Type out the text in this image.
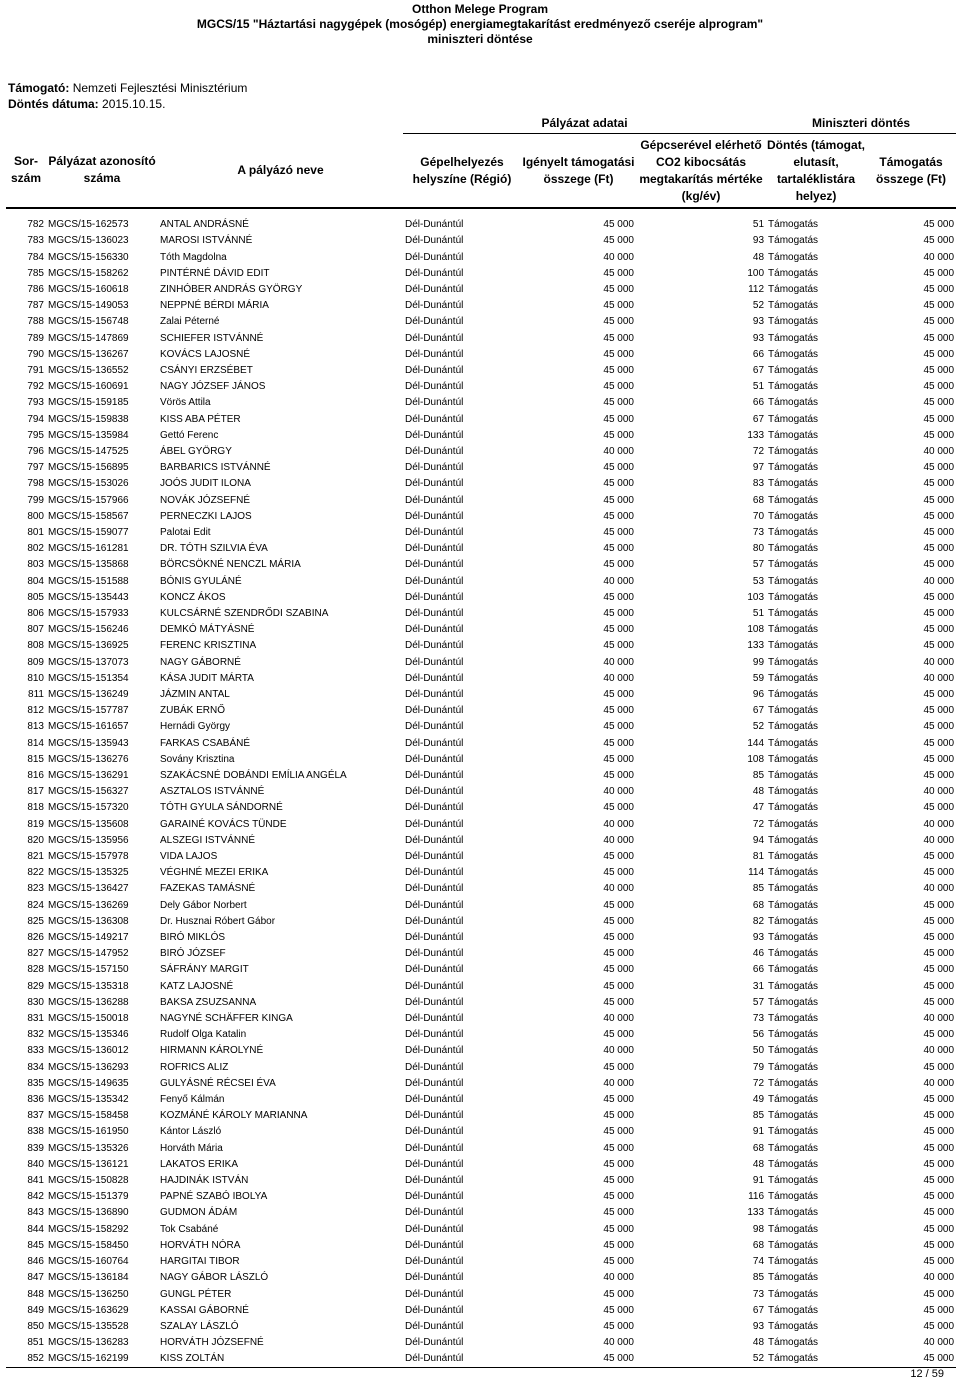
Otthon Melege Program
MGCS/15 "Háztartási nagygépek (mosógép) energiamegtakarítást eredményező cseréje alprogram"
miniszteri döntése
Támogató: Nemzeti Fejlesztési Minisztérium
Döntés dátuma: 2015.10.15.
			Pályázat adatai			Miniszteri döntés	
Sor-szám	Pályázat azonosító száma	A pályázó neve	Gépelhelyezés helyszíne (Régió)	Igényelt támogatási összege (Ft)	Gépcserével elérhető CO2 kibocsátás megtakarítás mértéke (kg/év)	Döntés (támogat, elutasít, tartaléklistára helyez)	Támogatás összege (Ft)

782	MGCS/15-162573	ANTAL ANDRÁSNÉ	Dél-Dunántúl	45 000	51	Támogatás	45 000
783	MGCS/15-136023	MAROSI ISTVÁNNÉ	Dél-Dunántúl	45 000	93	Támogatás	45 000
784	MGCS/15-156330	Tóth Magdolna	Dél-Dunántúl	40 000	48	Támogatás	40 000
785	MGCS/15-158262	PINTÉRNÉ DÁVID EDIT	Dél-Dunántúl	45 000	100	Támogatás	45 000
786	MGCS/15-160618	ZINHÓBER ANDRÁS GYÖRGY	Dél-Dunántúl	45 000	112	Támogatás	45 000
787	MGCS/15-149053	NEPPNÉ BÉRDI MÁRIA	Dél-Dunántúl	45 000	52	Támogatás	45 000
788	MGCS/15-156748	Zalai Péterné	Dél-Dunántúl	45 000	93	Támogatás	45 000
789	MGCS/15-147869	SCHIEFER ISTVÁNNÉ	Dél-Dunántúl	45 000	93	Támogatás	45 000
790	MGCS/15-136267	KOVÁCS LAJOSNÉ	Dél-Dunántúl	45 000	66	Támogatás	45 000
791	MGCS/15-136552	CSÁNYI ERZSÉBET	Dél-Dunántúl	45 000	67	Támogatás	45 000
792	MGCS/15-160691	NAGY JÓZSEF JÁNOS	Dél-Dunántúl	45 000	51	Támogatás	45 000
793	MGCS/15-159185	Vörös Attila	Dél-Dunántúl	45 000	66	Támogatás	45 000
794	MGCS/15-159838	KISS ABA PÉTER	Dél-Dunántúl	45 000	67	Támogatás	45 000
795	MGCS/15-135984	Gettó Ferenc	Dél-Dunántúl	45 000	133	Támogatás	45 000
796	MGCS/15-147525	ÁBEL GYÖRGY	Dél-Dunántúl	40 000	72	Támogatás	40 000
797	MGCS/15-156895	BARBARICS ISTVÁNNÉ	Dél-Dunántúl	45 000	97	Támogatás	45 000
798	MGCS/15-153026	JOÓS JUDIT ILONA	Dél-Dunántúl	45 000	83	Támogatás	45 000
799	MGCS/15-157966	NOVÁK JÓZSEFNÉ	Dél-Dunántúl	45 000	68	Támogatás	45 000
800	MGCS/15-158567	PERNECZKI LAJOS	Dél-Dunántúl	45 000	70	Támogatás	45 000
801	MGCS/15-159077	Palotai Edit	Dél-Dunántúl	45 000	73	Támogatás	45 000
802	MGCS/15-161281	DR. TÓTH SZILVIA ÉVA	Dél-Dunántúl	45 000	80	Támogatás	45 000
803	MGCS/15-135868	BÖRCSÖKNÉ NENCZL MÁRIA	Dél-Dunántúl	45 000	57	Támogatás	45 000
804	MGCS/15-151588	BÓNIS GYULÁNÉ	Dél-Dunántúl	40 000	53	Támogatás	40 000
805	MGCS/15-135443	KONCZ ÁKOS	Dél-Dunántúl	45 000	103	Támogatás	45 000
806	MGCS/15-157933	KULCSÁRNÉ SZENDRŐDI SZABINA	Dél-Dunántúl	45 000	51	Támogatás	45 000
807	MGCS/15-156246	DEMKÓ MÁTYÁSNÉ	Dél-Dunántúl	45 000	108	Támogatás	45 000
808	MGCS/15-136925	FERENC KRISZTINA	Dél-Dunántúl	45 000	133	Támogatás	45 000
809	MGCS/15-137073	NAGY GÁBORNÉ	Dél-Dunántúl	40 000	99	Támogatás	40 000
810	MGCS/15-151354	KÁSA JUDIT MÁRTA	Dél-Dunántúl	40 000	59	Támogatás	40 000
811	MGCS/15-136249	JÁZMIN ANTAL	Dél-Dunántúl	45 000	96	Támogatás	45 000
812	MGCS/15-157787	ZUBÁK ERNŐ	Dél-Dunántúl	45 000	67	Támogatás	45 000
813	MGCS/15-161657	Hernádi György	Dél-Dunántúl	45 000	52	Támogatás	45 000
814	MGCS/15-135943	FARKAS CSABÁNÉ	Dél-Dunántúl	45 000	144	Támogatás	45 000
815	MGCS/15-136276	Sovány Krisztina	Dél-Dunántúl	45 000	108	Támogatás	45 000
816	MGCS/15-136291	SZAKÁCSNÉ DOBÁNDI EMÍLIA ANGÉLA	Dél-Dunántúl	45 000	85	Támogatás	45 000
817	MGCS/15-156327	ASZTALOS ISTVÁNNÉ	Dél-Dunántúl	40 000	48	Támogatás	40 000
818	MGCS/15-157320	TÓTH GYULA SÁNDORNÉ	Dél-Dunántúl	45 000	47	Támogatás	45 000
819	MGCS/15-135608	GARAINÉ KOVÁCS TÜNDE	Dél-Dunántúl	40 000	72	Támogatás	40 000
820	MGCS/15-135956	ALSZEGI ISTVÁNNÉ	Dél-Dunántúl	40 000	94	Támogatás	40 000
821	MGCS/15-157978	VIDA LAJOS	Dél-Dunántúl	45 000	81	Támogatás	45 000
822	MGCS/15-135325	VÉGHNÉ MEZEI ERIKA	Dél-Dunántúl	45 000	114	Támogatás	45 000
823	MGCS/15-136427	FAZEKAS TAMÁSNÉ	Dél-Dunántúl	40 000	85	Támogatás	40 000
824	MGCS/15-136269	Dely Gábor Norbert	Dél-Dunántúl	45 000	68	Támogatás	45 000
825	MGCS/15-136308	Dr. Husznai Róbert Gábor	Dél-Dunántúl	45 000	82	Támogatás	45 000
826	MGCS/15-149217	BIRÓ MIKLÓS	Dél-Dunántúl	45 000	93	Támogatás	45 000
827	MGCS/15-147952	BIRÓ JÓZSEF	Dél-Dunántúl	45 000	46	Támogatás	45 000
828	MGCS/15-157150	SÁFRÁNY MARGIT	Dél-Dunántúl	45 000	66	Támogatás	45 000
829	MGCS/15-135318	KATZ LAJOSNÉ	Dél-Dunántúl	45 000	31	Támogatás	45 000
830	MGCS/15-136288	BAKSA ZSUZSANNA	Dél-Dunántúl	45 000	57	Támogatás	45 000
831	MGCS/15-150018	NAGYNÉ SCHÄFFER KINGA	Dél-Dunántúl	40 000	73	Támogatás	40 000
832	MGCS/15-135346	Rudolf Olga Katalin	Dél-Dunántúl	45 000	56	Támogatás	45 000
833	MGCS/15-136012	HIRMANN KÁROLYNÉ	Dél-Dunántúl	40 000	50	Támogatás	40 000
834	MGCS/15-136293	ROFRICS ALIZ	Dél-Dunántúl	45 000	79	Támogatás	45 000
835	MGCS/15-149635	GULYÁSNÉ RÉCSEI ÉVA	Dél-Dunántúl	40 000	72	Támogatás	40 000
836	MGCS/15-135342	Fenyő Kálmán	Dél-Dunántúl	45 000	49	Támogatás	45 000
837	MGCS/15-158458	KOZMÁNÉ KÁROLY MARIANNA	Dél-Dunántúl	45 000	85	Támogatás	45 000
838	MGCS/15-161950	Kántor László	Dél-Dunántúl	45 000	91	Támogatás	45 000
839	MGCS/15-135326	Horváth Mária	Dél-Dunántúl	45 000	68	Támogatás	45 000
840	MGCS/15-136121	LAKATOS ERIKA	Dél-Dunántúl	45 000	48	Támogatás	45 000
841	MGCS/15-150828	HAJDINÁK ISTVÁN	Dél-Dunántúl	45 000	91	Támogatás	45 000
842	MGCS/15-151379	PAPNÉ SZABÓ IBOLYA	Dél-Dunántúl	45 000	116	Támogatás	45 000
843	MGCS/15-136890	GUDMON ÁDÁM	Dél-Dunántúl	45 000	133	Támogatás	45 000
844	MGCS/15-158292	Tok Csabáné	Dél-Dunántúl	45 000	98	Támogatás	45 000
845	MGCS/15-158450	HORVÁTH NÓRA	Dél-Dunántúl	45 000	68	Támogatás	45 000
846	MGCS/15-160764	HARGITAI TIBOR	Dél-Dunántúl	45 000	74	Támogatás	45 000
847	MGCS/15-136184	NAGY GÁBOR LÁSZLÓ	Dél-Dunántúl	40 000	85	Támogatás	40 000
848	MGCS/15-136250	GUNGL PÉTER	Dél-Dunántúl	45 000	73	Támogatás	45 000
849	MGCS/15-163629	KASSAI GÁBORNÉ	Dél-Dunántúl	45 000	67	Támogatás	45 000
850	MGCS/15-135528	SZALAY LÁSZLÓ	Dél-Dunántúl	45 000	93	Támogatás	45 000
851	MGCS/15-136283	HORVÁTH JÓZSEFNÉ	Dél-Dunántúl	40 000	48	Támogatás	40 000
852	MGCS/15-162199	KISS ZOLTÁN	Dél-Dunántúl	45 000	52	Támogatás	45 000
12 / 59
